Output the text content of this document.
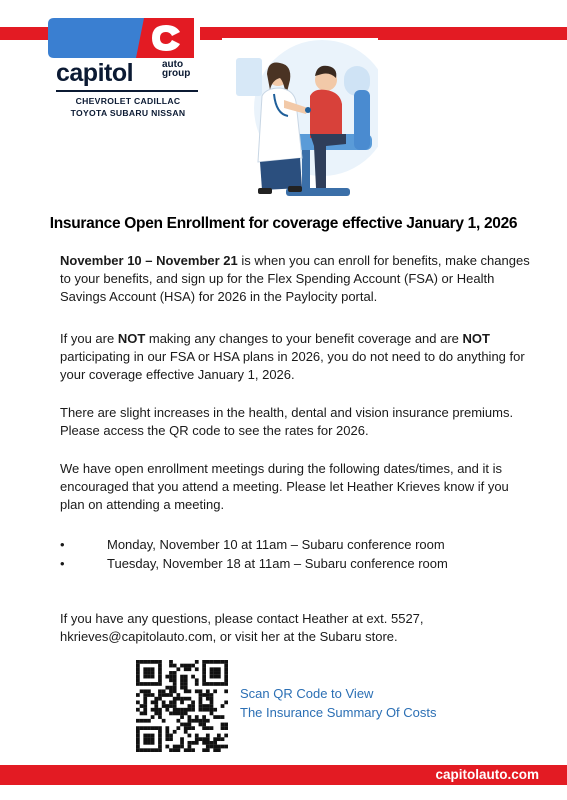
capitol	auto
group
CHEVROLET CADILLAC
TOYOTA SUBARU NISSAN
Insurance Open Enrollment for coverage effective January 1, 2026

November 10 – November 21 is when you can enroll for benefits, make changes to your benefits, and sign up for the Flex Spending Account (FSA) or Health Savings Account (HSA) for 2026 in the Paylocity portal.

If you are NOT making any changes to your benefit coverage and are NOT participating in our FSA or HSA plans in 2026, you do not need to do anything for your coverage effective January 1, 2026.

There are slight increases in the health, dental and vision insurance premiums. Please access the QR code to see the rates for 2026.

We have open enrollment meetings during the following dates/times, and it is encouraged that you attend a meeting. Please let Heather Krieves know if you plan on attending a meeting.

•	Monday, November 10 at 11am – Subaru conference room
•	Tuesday, November 18 at 11am – Subaru conference room

If you have any questions, please contact Heather at ext. 5527, hkrieves@capitolauto.com, or visit her at the Subaru store.

Scan QR Code to View
The Insurance Summary Of Costs
capitolauto.com
